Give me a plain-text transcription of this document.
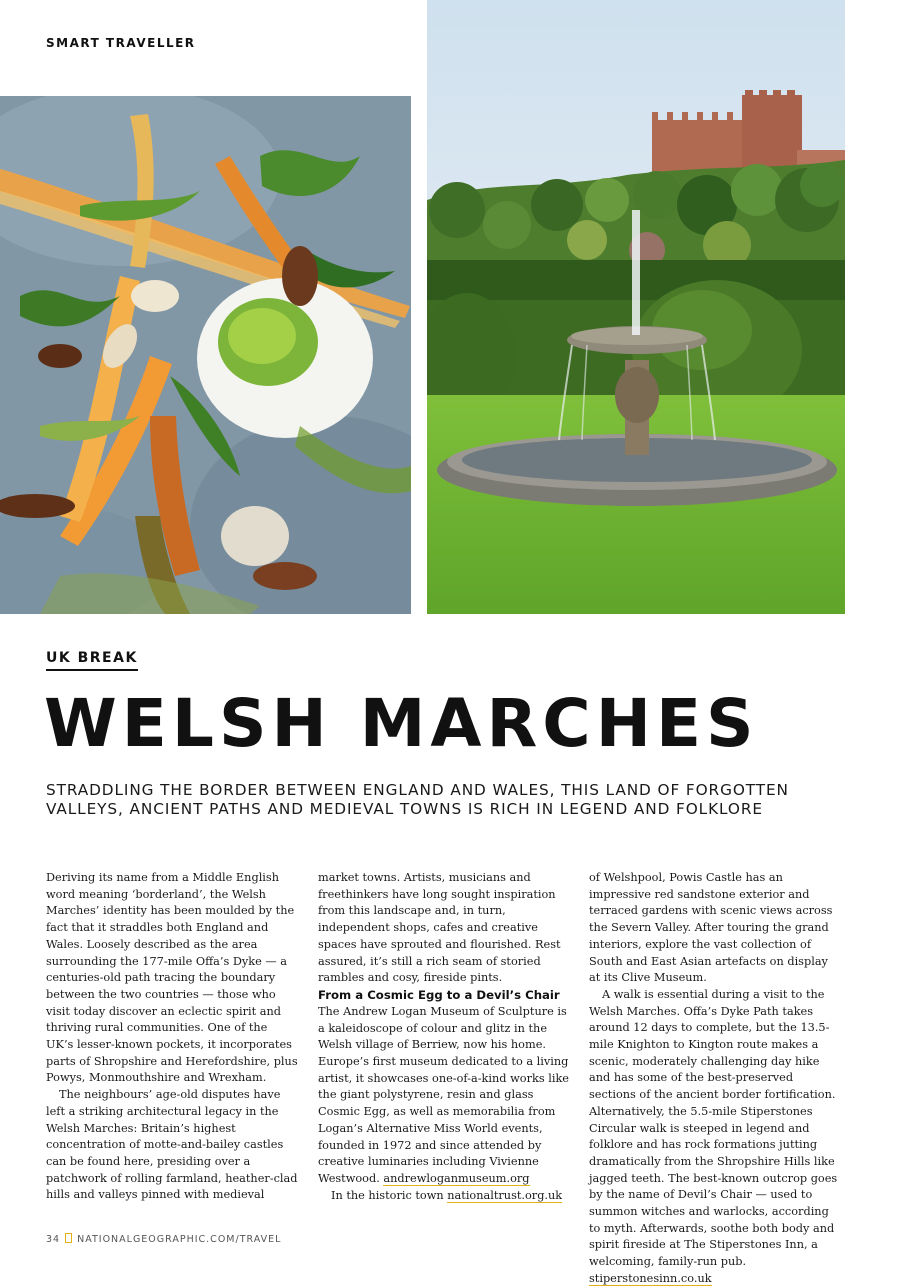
SMART TRAVELLER
UK BREAK
WELSH MARCHES
STRADDLING THE BORDER BETWEEN ENGLAND AND WALES, THIS LAND OF FORGOTTEN VALLEYS, ANCIENT PATHS AND MEDIEVAL TOWNS IS RICH IN LEGEND AND FOLKLORE

Deriving its name from a Middle English word meaning ‘borderland’, the Welsh Marches’ identity has been moulded by the fact that it straddles both England and Wales. Loosely described as the area surrounding the 177-mile Offa’s Dyke — a centuries-old path tracing the boundary between the two countries — those who visit today discover an eclectic spirit and thriving rural communities. One of the UK’s lesser-known pockets, it incorporates parts of Shropshire and Herefordshire, plus Powys, Monmouthshire and Wrexham.

The neighbours’ age-old disputes have left a striking architectural legacy in the Welsh Marches: Britain’s highest concentration of motte-and-bailey castles can be found here, presiding over a patchwork of rolling farmland, heather-clad hills and valleys pinned with medieval

market towns. Artists, musicians and freethinkers have long sought inspiration from this landscape and, in turn, independent shops, cafes and creative spaces have sprouted and flourished. Rest assured, it’s still a rich seam of storied rambles and cosy, fireside pints.

From a Cosmic Egg to a Devil’s Chair

The Andrew Logan Museum of Sculpture is a kaleidoscope of colour and glitz in the Welsh village of Berriew, now his home. Europe’s first museum dedicated to a living artist, it showcases one-of-a-kind works like the giant polystyrene, resin and glass Cosmic Egg, as well as memorabilia from Logan’s Alternative Miss World events, founded in 1972 and since attended by creative luminaries including Vivienne Westwood. andrewloganmuseum.org

In the historic town nationaltrust.org.uk

of Welshpool, Powis Castle has an impressive red sandstone exterior and terraced gardens with scenic views across the Severn Valley. After touring the grand interiors, explore the vast collection of South and East Asian artefacts on display at its Clive Museum.

A walk is essential during a visit to the Welsh Marches. Offa’s Dyke Path takes around 12 days to complete, but the 13.5-mile Knighton to Kington route makes a scenic, moderately challenging day hike and has some of the best-preserved sections of the ancient border fortification. Alternatively, the 5.5-mile Stiperstones Circular walk is steeped in legend and folklore and has rock formations jutting dramatically from the Shropshire Hills like jagged teeth. The best-known outcrop goes by the name of Devil’s Chair — used to summon witches and warlocks, according to myth. Afterwards, soothe both body and spirit fireside at The Stiperstones Inn, a welcoming, family-run pub. stiperstonesinn.co.uk

34 NATIONALGEOGRAPHIC.COM/TRAVEL
